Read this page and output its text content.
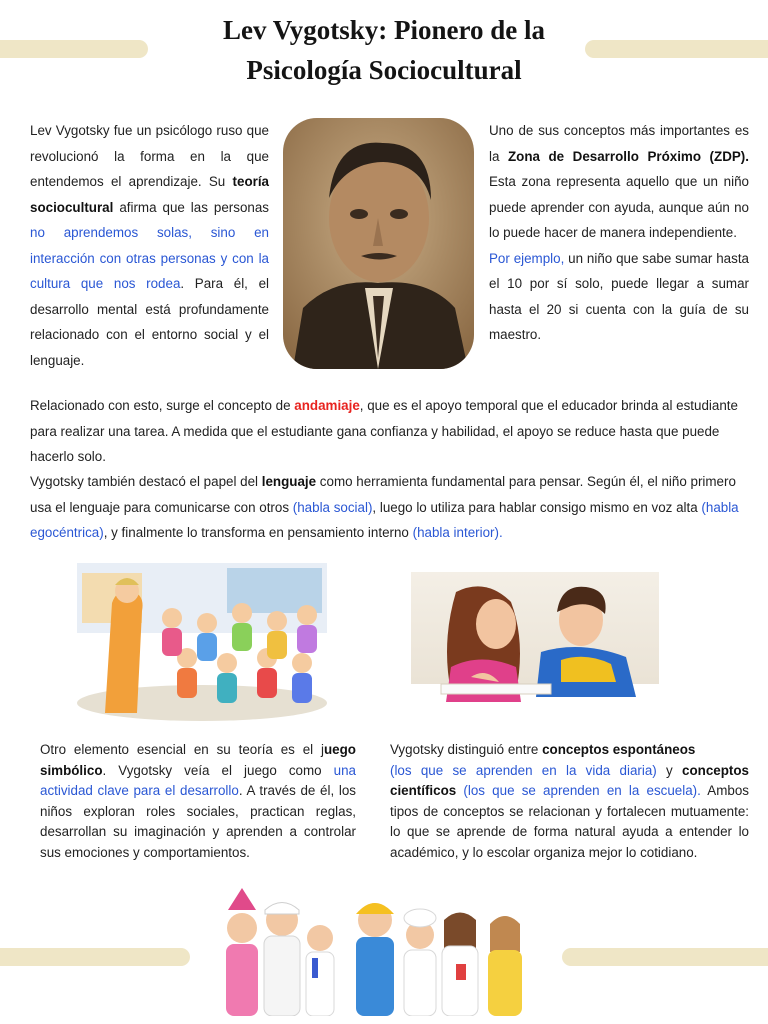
Lev Vygotsky: Pionero de la
Psicología Sociocultural
Lev Vygotsky fue un psicólogo ruso que revolucionó la forma en la que entendemos el aprendizaje. Su teoría sociocultural afirma que las personas no aprendemos solas, sino en interacción con otras personas y con la cultura que nos rodea. Para él, el desarrollo mental está profundamente relacionado con el entorno social y el lenguaje.
Uno de sus conceptos más importantes es la Zona de Desarrollo Próximo (ZDP). Esta zona representa aquello que un niño puede aprender con ayuda, aunque aún no lo puede hacer de manera independiente.
Por ejemplo, un niño que sabe sumar hasta el 10 por sí solo, puede llegar a sumar hasta el 20 si cuenta con la guía de su maestro.
Relacionado con esto, surge el concepto de andamiaje, que es el apoyo temporal que el educador brinda al estudiante para realizar una tarea. A medida que el estudiante gana confianza y habilidad, el apoyo se reduce hasta que puede hacerlo solo.
Vygotsky también destacó el papel del lenguaje como herramienta fundamental para pensar. Según él, el niño primero usa el lenguaje para comunicarse con otros (habla social), luego lo utiliza para hablar consigo mismo en voz alta (habla egocéntrica), y finalmente lo transforma en pensamiento interno (habla interior).
Otro elemento esencial en su teoría es el juego simbólico. Vygotsky veía el juego como una actividad clave para el desarrollo. A través de él, los niños exploran roles sociales, practican reglas, desarrollan su imaginación y aprenden a controlar sus emociones y comportamientos.
Vygotsky distinguió entre conceptos espontáneos
(los que se aprenden en la vida diaria) y conceptos científicos (los que se aprenden en la escuela). Ambos tipos de conceptos se relacionan y fortalecen mutuamente: lo que se aprende de forma natural ayuda a entender lo académico, y lo escolar organiza mejor lo cotidiano.
